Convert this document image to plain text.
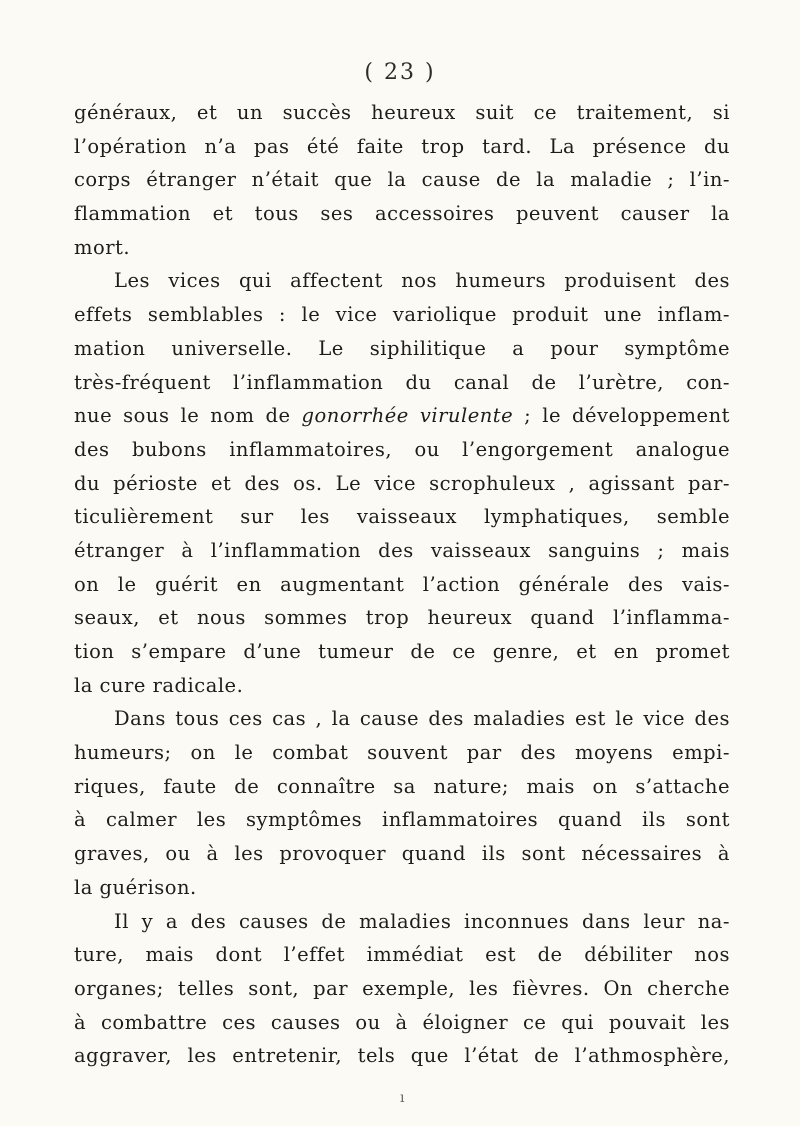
( 23 )
généraux, et un succès heureux suit ce traitement, si
l’opération n’a pas été faite trop tard. La présence du
corps étranger n’était que la cause de la maladie ; l’in-
flammation et tous ses accessoires peuvent causer la
mort.
Les vices qui affectent nos humeurs produisent des
effets semblables : le vice variolique produit une inflam-
mation universelle. Le siphilitique a pour symptôme
très-fréquent l’inflammation du canal de l’urètre, con-
nue sous le nom de gonorrhée virulente ; le développement
des bubons inflammatoires, ou l’engorgement analogue
du périoste et des os. Le vice scrophuleux , agissant par-
ticulièrement sur les vaisseaux lymphatiques, semble
étranger à l’inflammation des vaisseaux sanguins ; mais
on le guérit en augmentant l’action générale des vais-
seaux, et nous sommes trop heureux quand l’inflamma-
tion s’empare d’une tumeur de ce genre, et en promet
la cure radicale.
Dans tous ces cas , la cause des maladies est le vice des
humeurs; on le combat souvent par des moyens empi-
riques, faute de connaître sa nature; mais on s’attache
à calmer les symptômes inflammatoires quand ils sont
graves, ou à les provoquer quand ils sont nécessaires à
la guérison.
Il y a des causes de maladies inconnues dans leur na-
ture, mais dont l’effet immédiat est de débiliter nos
organes; telles sont, par exemple, les fièvres. On cherche
à combattre ces causes ou à éloigner ce qui pouvait les
aggraver, les entretenir, tels que l’état de l’athmosphère,
ı
